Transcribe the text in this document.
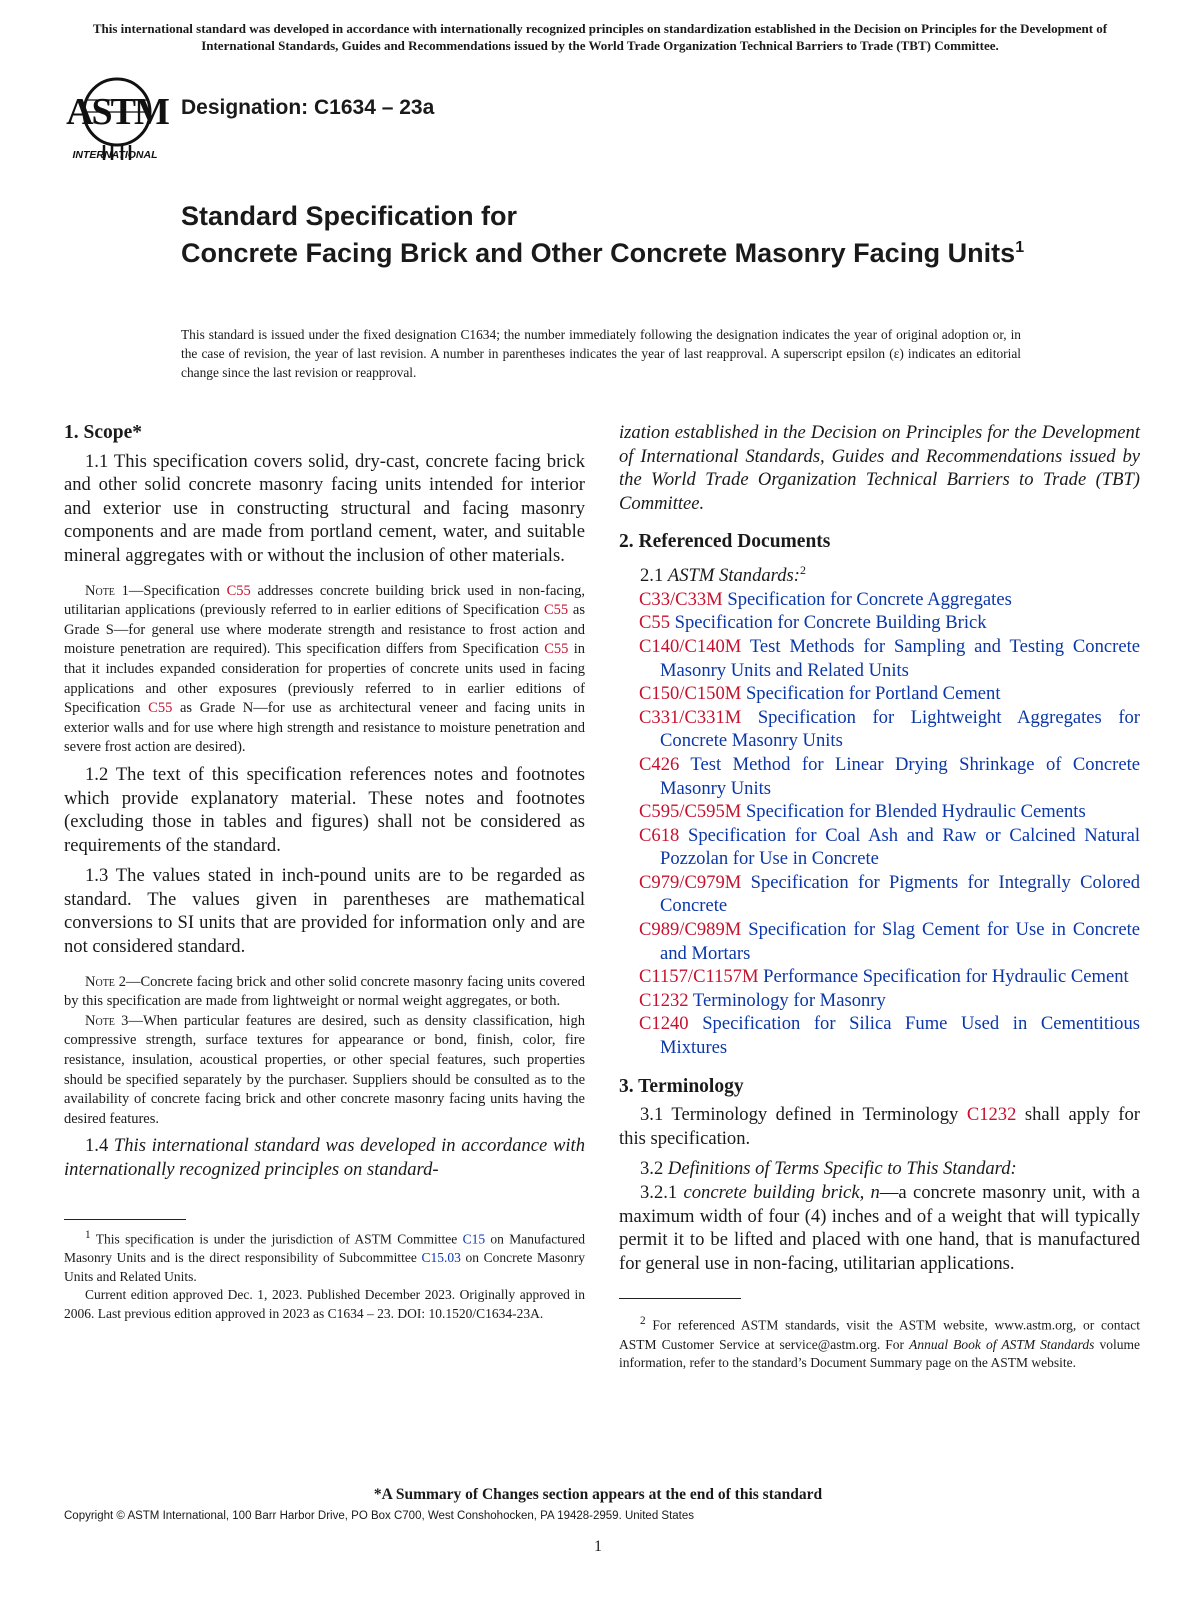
This international standard was developed in accordance with internationally recognized principles on standardization established in the Decision on Principles for the Development of International Standards, Guides and Recommendations issued by the World Trade Organization Technical Barriers to Trade (TBT) Committee.
ASTM
INTERNATIONAL
Designation: C1634 – 23a
Standard Specification for
Concrete Facing Brick and Other Concrete Masonry Facing Units$^1$
This standard is issued under the fixed designation C1634; the number immediately following the designation indicates the year of original adoption or, in the case of revision, the year of last revision. A number in parentheses indicates the year of last reapproval. A superscript epsilon (ε) indicates an editorial change since the last revision or reapproval.
1. Scope*

1.1 This specification covers solid, dry-cast, concrete facing brick and other solid concrete masonry facing units intended for interior and exterior use in constructing structural and facing masonry components and are made from portland cement, water, and suitable mineral aggregates with or without the inclusion of other materials.

Note 1—Specification C55 addresses concrete building brick used in non-facing, utilitarian applications (previously referred to in earlier editions of Specification C55 as Grade S—for general use where moderate strength and resistance to frost action and moisture penetration are required). This specification differs from Specification C55 in that it includes expanded consideration for properties of concrete units used in facing applications and other exposures (previously referred to in earlier editions of Specification C55 as Grade N—for use as architectural veneer and facing units in exterior walls and for use where high strength and resistance to moisture penetration and severe frost action are desired).

1.2 The text of this specification references notes and footnotes which provide explanatory material. These notes and footnotes (excluding those in tables and figures) shall not be considered as requirements of the standard.

1.3 The values stated in inch-pound units are to be regarded as standard. The values given in parentheses are mathematical conversions to SI units that are provided for information only and are not considered standard.

Note 2—Concrete facing brick and other solid concrete masonry facing units covered by this specification are made from lightweight or normal weight aggregates, or both.
Note 3—When particular features are desired, such as density classification, high compressive strength, surface textures for appearance or bond, finish, color, fire resistance, insulation, acoustical properties, or other special features, such properties should be specified separately by the purchaser. Suppliers should be consulted as to the availability of concrete facing brick and other concrete masonry facing units having the desired features.

1.4 This international standard was developed in accordance with internationally recognized principles on standard-

$^1$ This specification is under the jurisdiction of ASTM Committee C15 on Manufactured Masonry Units and is the direct responsibility of Subcommittee C15.03 on Concrete Masonry Units and Related Units.
Current edition approved Dec. 1, 2023. Published December 2023. Originally approved in 2006. Last previous edition approved in 2023 as C1634 – 23. DOI: 10.1520/C1634-23A.

ization established in the Decision on Principles for the Development of International Standards, Guides and Recommendations issued by the World Trade Organization Technical Barriers to Trade (TBT) Committee.

2. Referenced Documents

2.1 ASTM Standards:$^2$

C33/C33M Specification for Concrete Aggregates

C55 Specification for Concrete Building Brick

C140/C140M Test Methods for Sampling and Testing Concrete Masonry Units and Related Units

C150/C150M Specification for Portland Cement

C331/C331M Specification for Lightweight Aggregates for Concrete Masonry Units

C426 Test Method for Linear Drying Shrinkage of Concrete Masonry Units

C595/C595M Specification for Blended Hydraulic Cements

C618 Specification for Coal Ash and Raw or Calcined Natural Pozzolan for Use in Concrete

C979/C979M Specification for Pigments for Integrally Colored Concrete

C989/C989M Specification for Slag Cement for Use in Concrete and Mortars

C1157/C1157M Performance Specification for Hydraulic Cement

C1232 Terminology for Masonry

C1240 Specification for Silica Fume Used in Cementitious Mixtures

3. Terminology

3.1 Terminology defined in Terminology C1232 shall apply for this specification.

3.2 Definitions of Terms Specific to This Standard:

3.2.1 concrete building brick, n—a concrete masonry unit, with a maximum width of four (4) inches and of a weight that will typically permit it to be lifted and placed with one hand, that is manufactured for general use in non-facing, utilitarian applications.

$^2$ For referenced ASTM standards, visit the ASTM website, www.astm.org, or contact ASTM Customer Service at service@astm.org. For Annual Book of ASTM Standards volume information, refer to the standard’s Document Summary page on the ASTM website.
*A Summary of Changes section appears at the end of this standard
Copyright © ASTM International, 100 Barr Harbor Drive, PO Box C700, West Conshohocken, PA 19428-2959. United States
1
